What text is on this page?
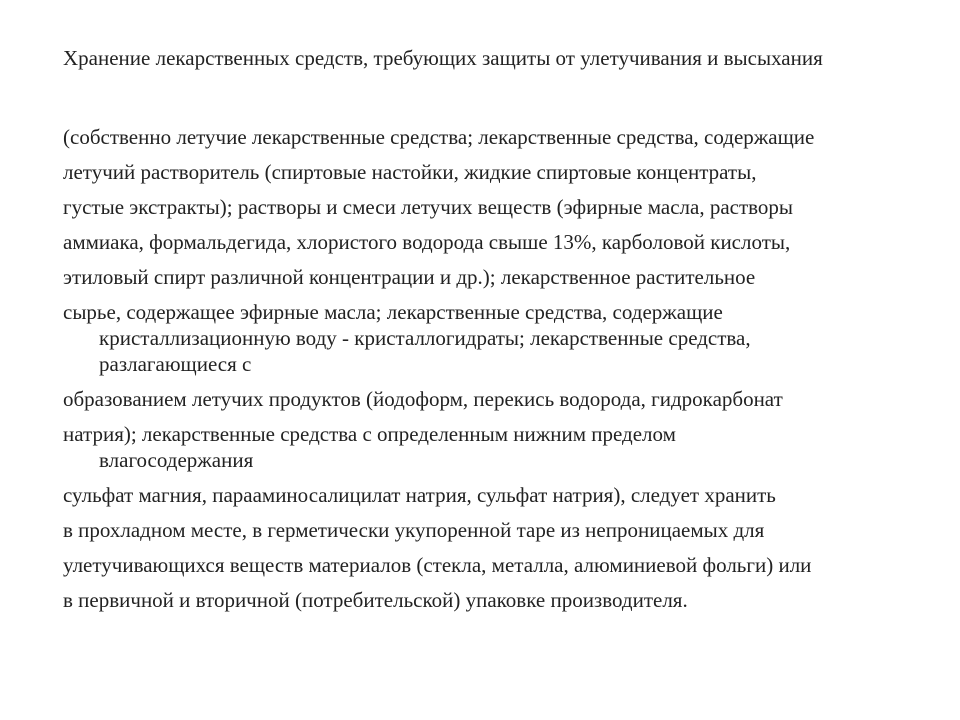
Хранение лекарственных средств, требующих защиты от улетучивания и высыхания

(собственно летучие лекарственные средства; лекарственные средства, содержащие

летучий растворитель (спиртовые настойки, жидкие спиртовые концентраты,

густые экстракты); растворы и смеси летучих веществ (эфирные масла, растворы

аммиака, формальдегида, хлористого водорода свыше 13%, карболовой кислоты,

этиловый спирт различной концентрации и др.); лекарственное растительное

сырье, содержащее эфирные масла; лекарственные средства, содержащие кристаллизационную воду - кристаллогидраты; лекарственные средства, разлагающиеся с

образованием летучих продуктов (йодоформ, перекись водорода, гидрокарбонат

натрия); лекарственные средства с определенным нижним пределом влагосодержания

сульфат магния, парааминосалицилат натрия, сульфат натрия), следует хранить

в прохладном месте, в герметически укупоренной таре из непроницаемых для

улетучивающихся веществ материалов (стекла, металла, алюминиевой фольги) или

в первичной и вторичной (потребительской) упаковке производителя.
